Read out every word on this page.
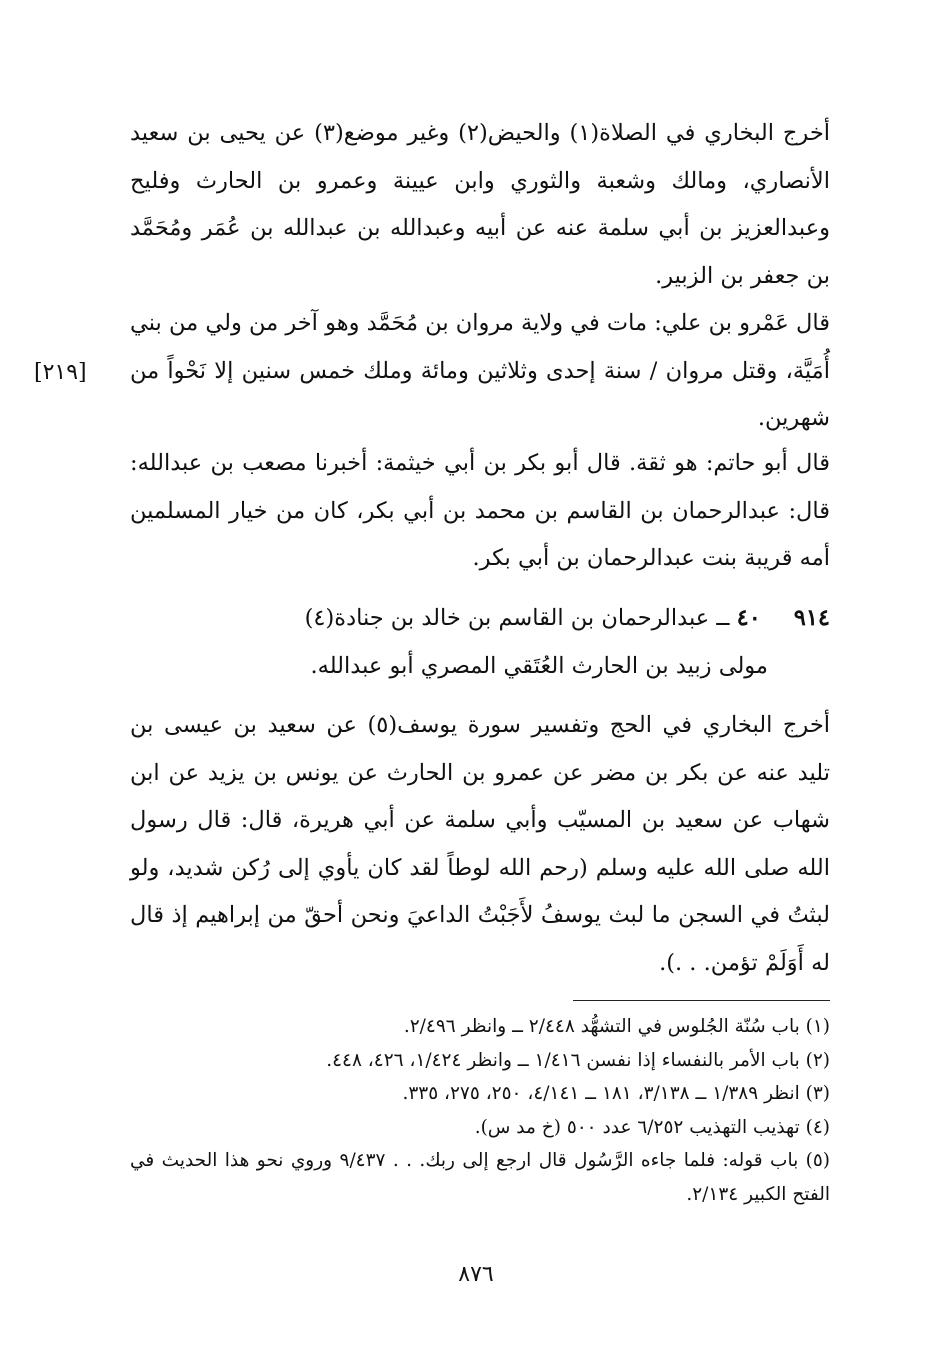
أخرج البخاري في الصلاة(١) والحيض(٢) وغير موضع(٣) عن يحيى بن سعيد الأنصاري، ومالك وشعبة والثوري وابن عيينة وعمرو بن الحارث وفليح وعبدالعزيز بن أبي سلمة عنه عن أبيه وعبدالله بن عبدالله بن عُمَر ومُحَمَّد بن جعفر بن الزبير.

قال عَمْرو بن علي: مات في ولاية مروان بن مُحَمَّد وهو آخر من ولي من بني أُمَيَّة، وقتل مروان / سنة إحدى وثلاثين ومائة وملك خمس سنين إلا نَحْواً من شهرين.

[٢١٩]

قال أبو حاتم: هو ثقة. قال أبو بكر بن أبي خيثمة: أخبرنا مصعب بن عبدالله: قال: عبدالرحمان بن القاسم بن محمد بن أبي بكر، كان من خيار المسلمين أمه قريبة بنت عبدالرحمان بن أبي بكر.

٩١٤ ٤٠ ــ عبدالرحمان بن القاسم بن خالد بن جنادة(٤)
مولى زبيد بن الحارث العُتَقي المصري أبو عبدالله.

أخرج البخاري في الحج وتفسير سورة يوسف(٥) عن سعيد بن عيسى بن تليد عنه عن بكر بن مضر عن عمرو بن الحارث عن يونس بن يزيد عن ابن شهاب عن سعيد بن المسيّب وأبي سلمة عن أبي هريرة، قال: قال رسول الله صلى الله عليه وسلم (رحم الله لوطاً لقد كان يأوي إلى رُكن شديد، ولو لبثتُ في السجن ما لبث يوسفُ لأَجَبْتُ الداعيَ ونحن أحقّ من إبراهيم إذ قال له أَوَلَمْ تؤمن. . .).

(١) باب سُنّة الجُلوس في التشهُّد ٢/٤٤٨ ــ وانظر ٢/٤٩٦.
(٢) باب الأمر بالنفساء إذا نفسن ١/٤١٦ ــ وانظر ١/٤٢٤، ٤٢٦، ٤٤٨.
(٣) انظر ١/٣٨٩ ــ ٣/١٣٨، ١٨١ ــ ٤/١٤١، ٢٥٠، ٢٧٥، ٣٣٥.
(٤) تهذيب التهذيب ٦/٢٥٢ عدد ٥٠٠ (خ مد س).
(٥) باب قوله: فلما جاءه الرَّسُول قال ارجع إلى ربك. . . ٩/٤٣٧ وروي نحو هذا الحديث في الفتح الكبير ٢/١٣٤.
٨٧٦
